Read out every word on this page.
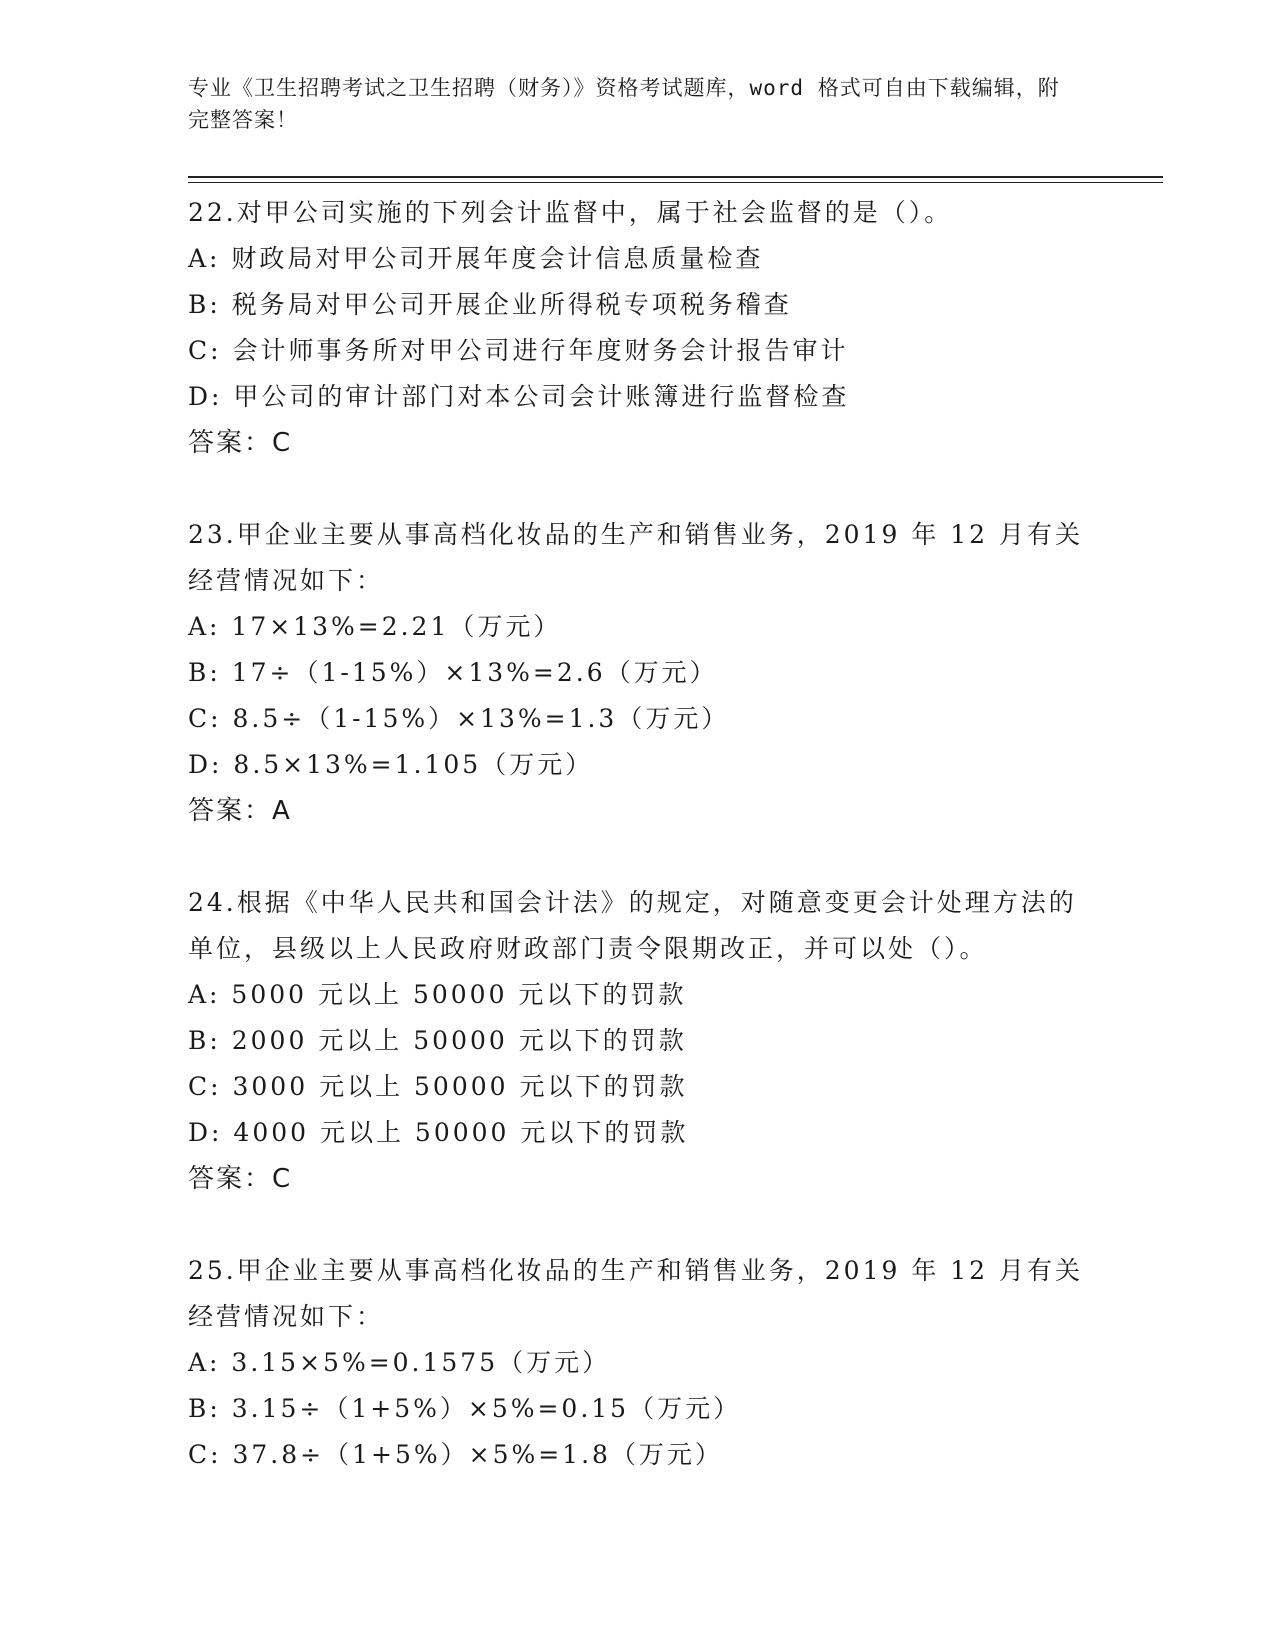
专业《卫生招聘考试之卫生招聘（财务）》资格考试题库，word 格式可自由下载编辑，附完整答案！

22.对甲公司实施的下列会计监督中，属于社会监督的是（）。

A: 财政局对甲公司开展年度会计信息质量检查

B: 税务局对甲公司开展企业所得税专项税务稽查

C: 会计师事务所对甲公司进行年度财务会计报告审计

D: 甲公司的审计部门对本公司会计账簿进行监督检查

答案：C

23.甲企业主要从事高档化妆品的生产和销售业务，2019 年 12 月有关经营情况如下：

A: 17×13%=2.21（万元）

B: 17÷（1-15%）×13%=2.6（万元）

C: 8.5÷（1-15%）×13%=1.3（万元）

D: 8.5×13%=1.105（万元）

答案：A

24.根据《中华人民共和国会计法》的规定，对随意变更会计处理方法的单位，县级以上人民政府财政部门责令限期改正，并可以处（）。

A: 5000 元以上 50000 元以下的罚款

B: 2000 元以上 50000 元以下的罚款

C: 3000 元以上 50000 元以下的罚款

D: 4000 元以上 50000 元以下的罚款

答案：C

25.甲企业主要从事高档化妆品的生产和销售业务，2019 年 12 月有关经营情况如下：

A: 3.15×5%=0.1575（万元）

B: 3.15÷（1+5%）×5%=0.15（万元）

C: 37.8÷（1+5%）×5%=1.8（万元）
